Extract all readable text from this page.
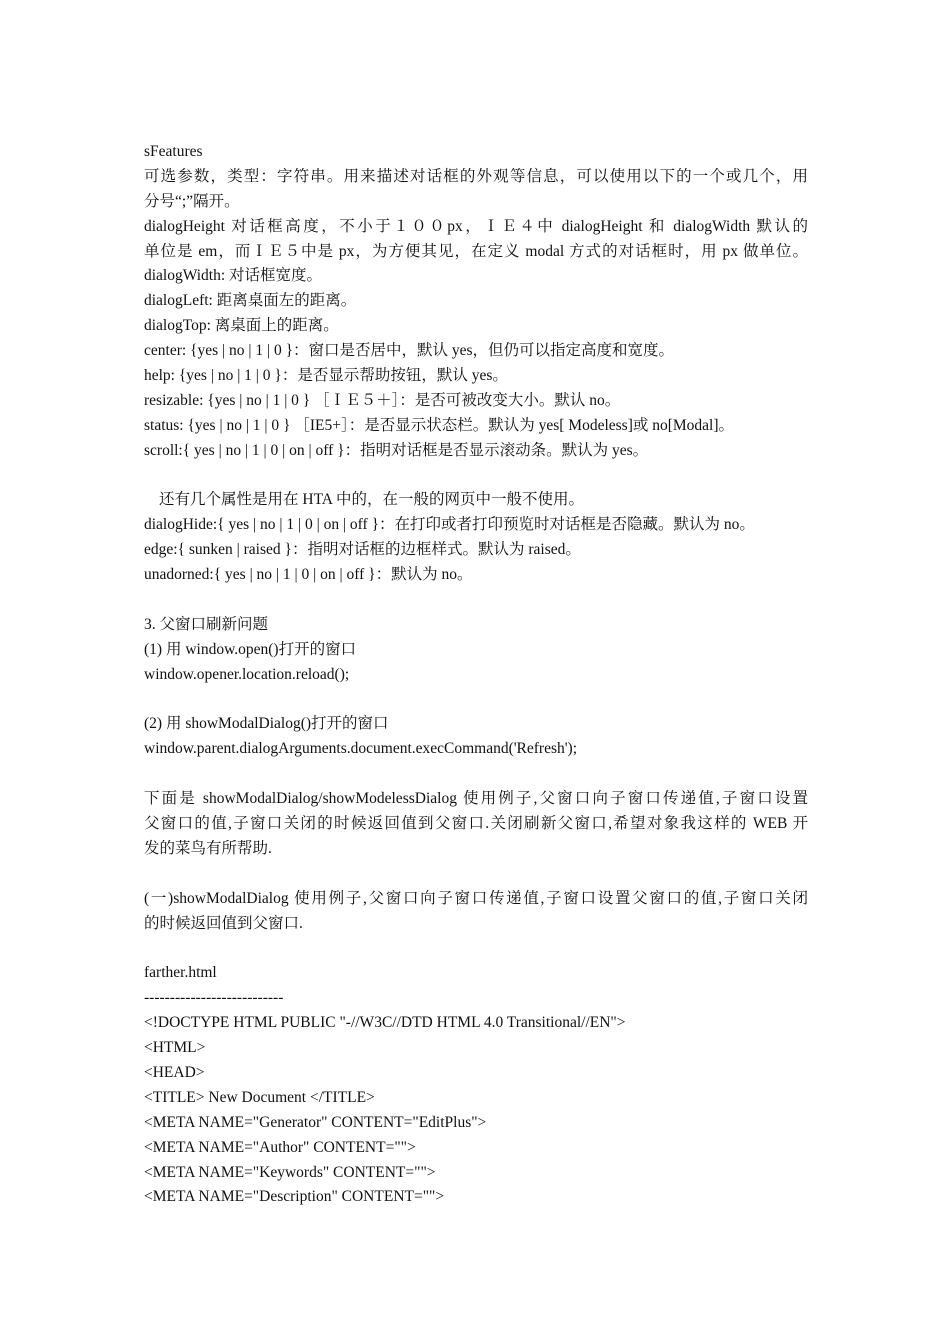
sFeatures
可选参数，类型：字符串。用来描述对话框的外观等信息，可以使用以下的一个或几个，用
分号“;”隔开。
dialogHeight 对话框高度，不小于１００px，ＩＥ４中 dialogHeight 和 dialogWidth 默认的
单位是 em，而ＩＥ５中是 px，为方便其见，在定义 modal 方式的对话框时，用 px 做单位。
dialogWidth: 对话框宽度。
dialogLeft: 距离桌面左的距离。
dialogTop: 离桌面上的距离。
center: {yes | no | 1 | 0 }：窗口是否居中，默认 yes，但仍可以指定高度和宽度。
help: {yes | no | 1 | 0 }：是否显示帮助按钮，默认 yes。
resizable: {yes | no | 1 | 0 } ［ＩＥ５＋］：是否可被改变大小。默认 no。
status: {yes | no | 1 | 0 } ［IE5+］：是否显示状态栏。默认为 yes[ Modeless]或 no[Modal]。
scroll:{ yes | no | 1 | 0 | on | off }：指明对话框是否显示滚动条。默认为 yes。
还有几个属性是用在 HTA 中的，在一般的网页中一般不使用。
dialogHide:{ yes | no | 1 | 0 | on | off }：在打印或者打印预览时对话框是否隐藏。默认为 no。
edge:{ sunken | raised }：指明对话框的边框样式。默认为 raised。
unadorned:{ yes | no | 1 | 0 | on | off }：默认为 no。
3. 父窗口刷新问题
(1) 用 window.open()打开的窗口
window.opener.location.reload();
(2) 用 showModalDialog()打开的窗口
window.parent.dialogArguments.document.execCommand('Refresh');
下面是 showModalDialog/showModelessDialog 使用例子,父窗口向子窗口传递值,子窗口设置
父窗口的值,子窗口关闭的时候返回值到父窗口.关闭刷新父窗口,希望对象我这样的 WEB 开
发的菜鸟有所帮助.
(一)showModalDialog 使用例子,父窗口向子窗口传递值,子窗口设置父窗口的值,子窗口关闭
的时候返回值到父窗口.
farther.html
---------------------------
<!DOCTYPE HTML PUBLIC "-//W3C//DTD HTML 4.0 Transitional//EN">
<HTML>
<HEAD>
<TITLE> New Document </TITLE>
<META NAME="Generator" CONTENT="EditPlus">
<META NAME="Author" CONTENT="">
<META NAME="Keywords" CONTENT="">
<META NAME="Description" CONTENT="">
